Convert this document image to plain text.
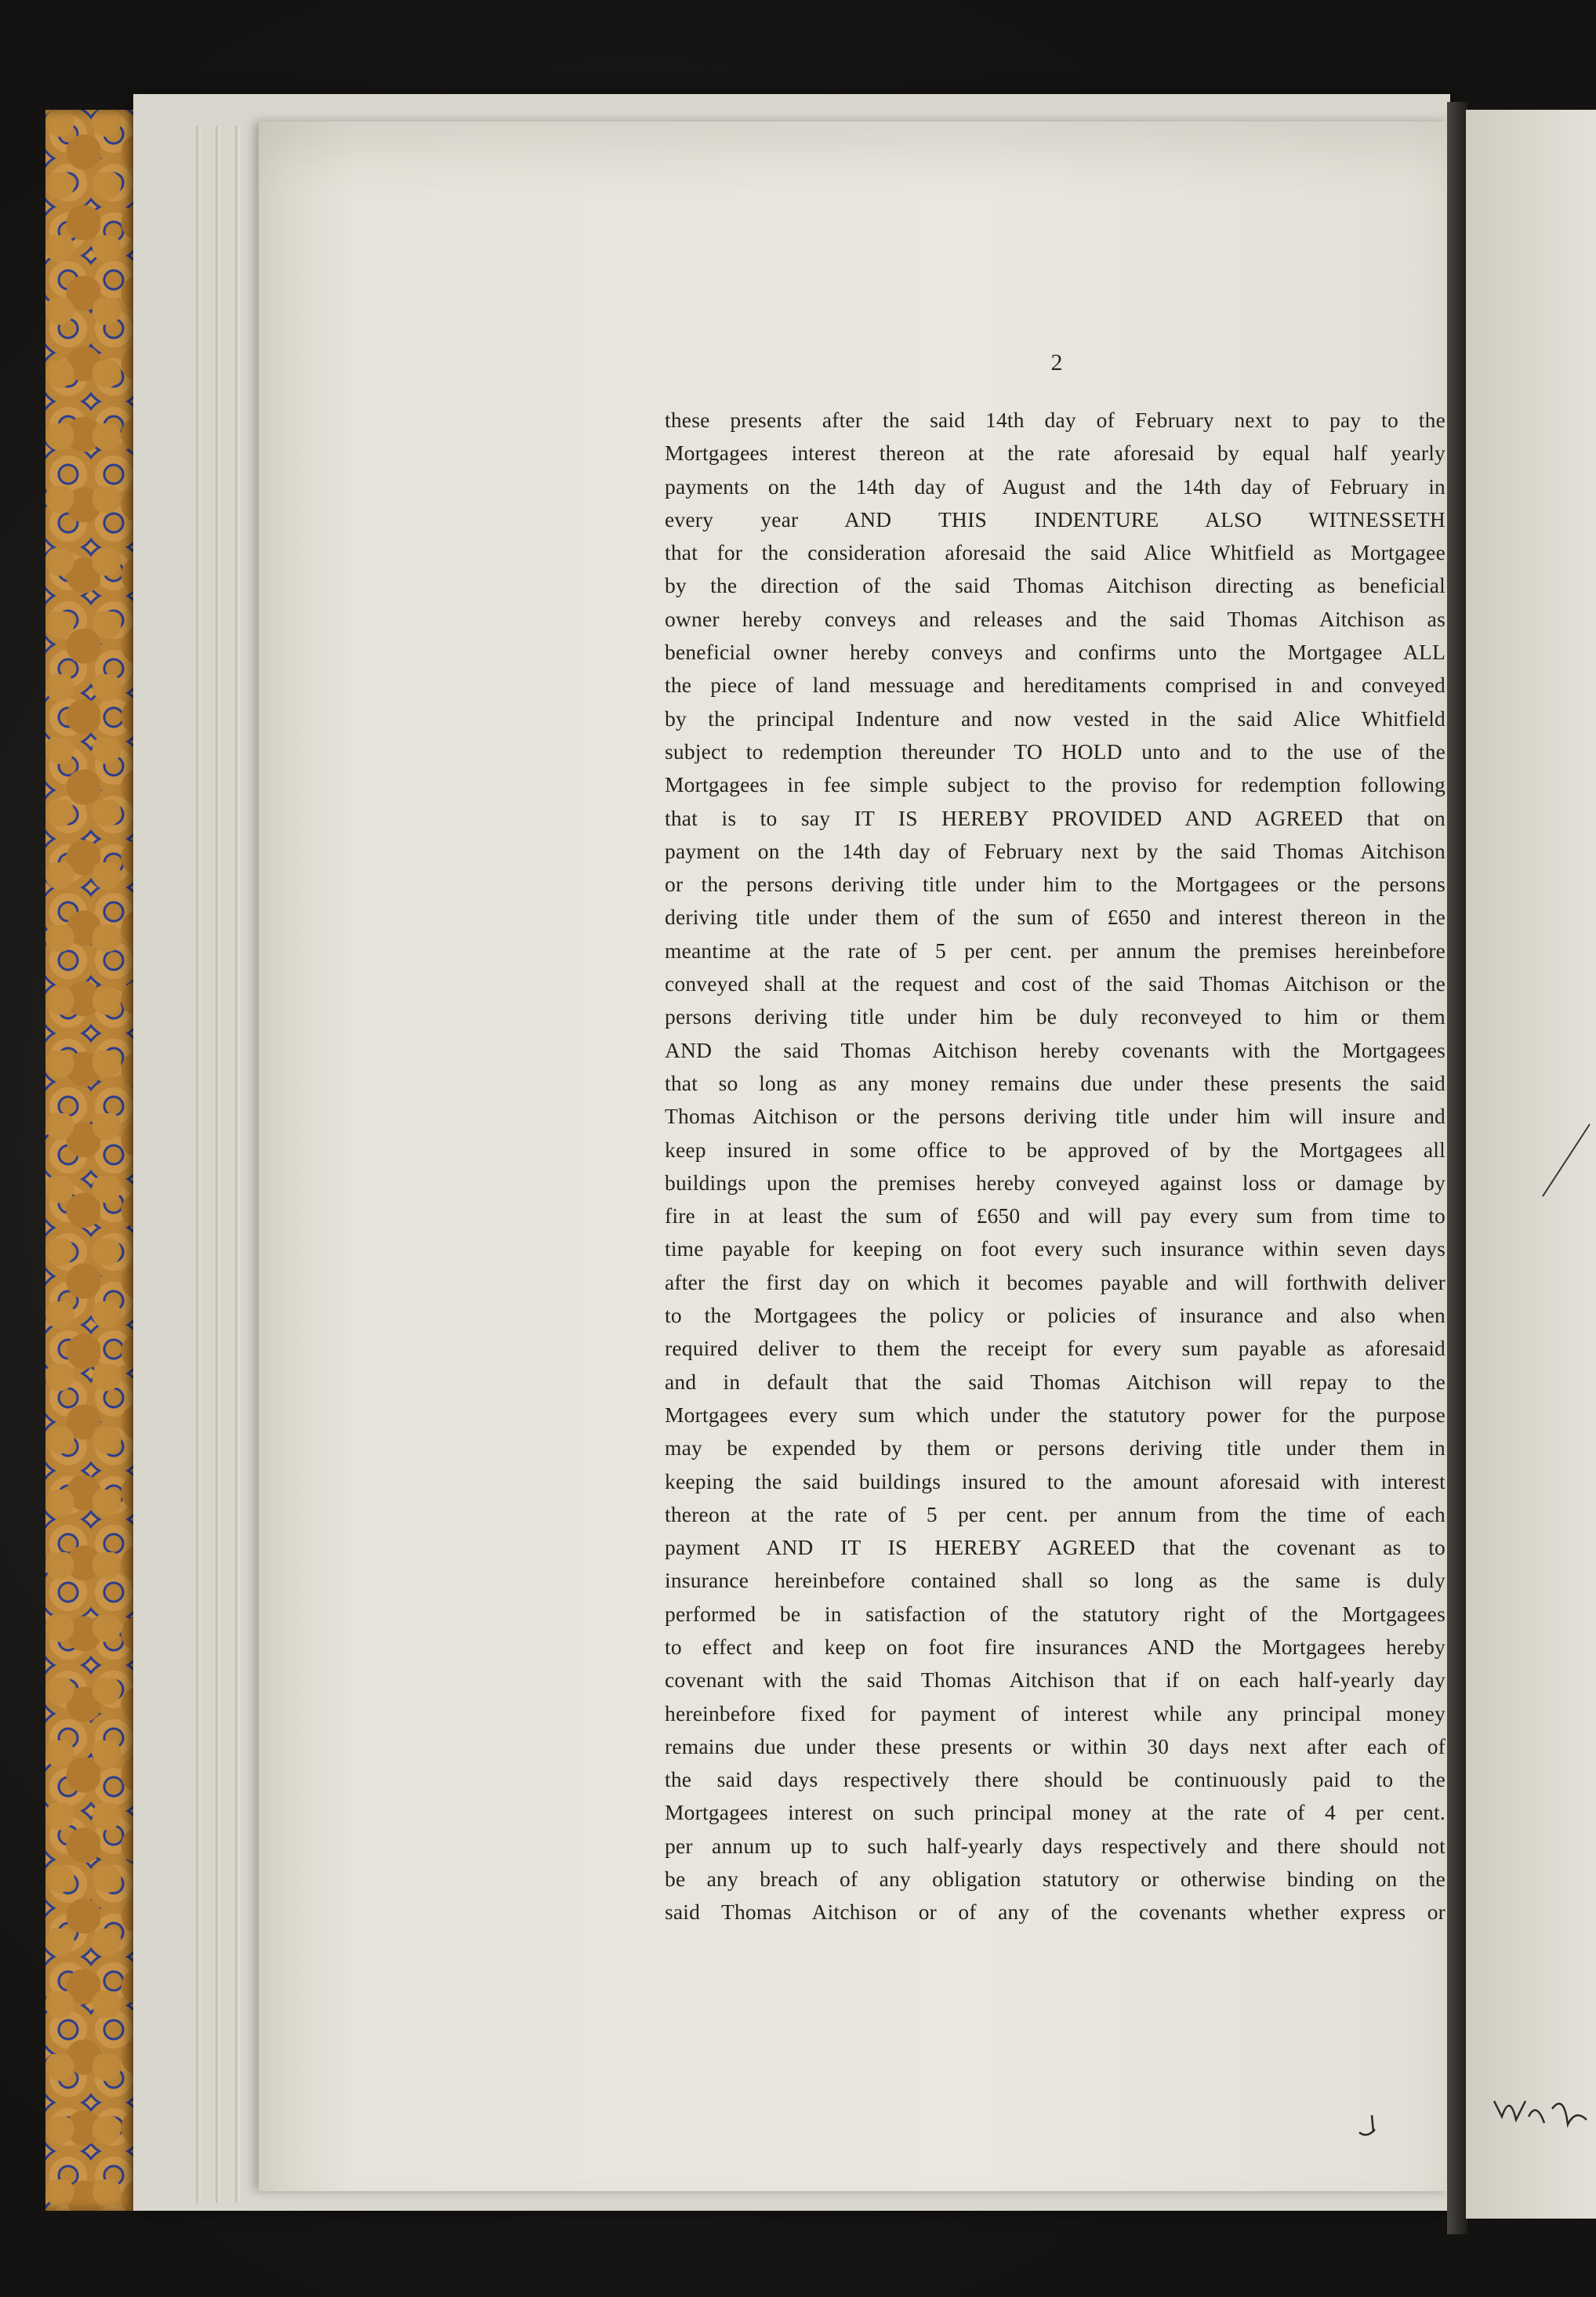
2
these presents after the said 14th day of February next to pay to the
Mortgagees interest thereon at the rate aforesaid by equal half yearly
payments on the 14th day of August and the 14th day of February in
every year AND THIS INDENTURE ALSO WITNESSETH
that for the consideration aforesaid the said Alice Whitfield as Mortgagee
by the direction of the said Thomas Aitchison directing as beneficial
owner hereby conveys and releases and the said Thomas Aitchison as
beneficial owner hereby conveys and confirms unto the Mortgagee ALL
the piece of land messuage and hereditaments comprised in and conveyed
by the principal Indenture and now vested in the said Alice Whitfield
subject to redemption thereunder TO HOLD unto and to the use of the
Mortgagees in fee simple subject to the proviso for redemption following
that is to say IT IS HEREBY PROVIDED AND AGREED that on
payment on the 14th day of February next by the said Thomas Aitchison
or the persons deriving title under him to the Mortgagees or the persons
deriving title under them of the sum of £650 and interest thereon in the
meantime at the rate of 5 per cent. per annum the premises hereinbefore
conveyed shall at the request and cost of the said Thomas Aitchison or the
persons deriving title under him be duly reconveyed to him or them
AND the said Thomas Aitchison hereby covenants with the Mortgagees
that so long as any money remains due under these presents the said
Thomas Aitchison or the persons deriving title under him will insure and
keep insured in some office to be approved of by the Mortgagees all
buildings upon the premises hereby conveyed against loss or damage by
fire in at least the sum of £650 and will pay every sum from time to
time payable for keeping on foot every such insurance within seven days
after the first day on which it becomes payable and will forthwith deliver
to the Mortgagees the policy or policies of insurance and also when
required deliver to them the receipt for every sum payable as aforesaid
and in default that the said Thomas Aitchison will repay to the
Mortgagees every sum which under the statutory power for the purpose
may be expended by them or persons deriving title under them in
keeping the said buildings insured to the amount aforesaid with interest
thereon at the rate of 5 per cent. per annum from the time of each
payment AND IT IS HEREBY AGREED that the covenant as to
insurance hereinbefore contained shall so long as the same is duly
performed be in satisfaction of the statutory right of the Mortgagees
to effect and keep on foot fire insurances AND the Mortgagees hereby
covenant with the said Thomas Aitchison that if on each half-yearly day
hereinbefore fixed for payment of interest while any principal money
remains due under these presents or within 30 days next after each of
the said days respectively there should be continuously paid to the
Mortgagees interest on such principal money at the rate of 4 per cent.
per annum up to such half-yearly days respectively and there should not
be any breach of any obligation statutory or otherwise binding on the
said Thomas Aitchison or of any of the covenants whether express or
